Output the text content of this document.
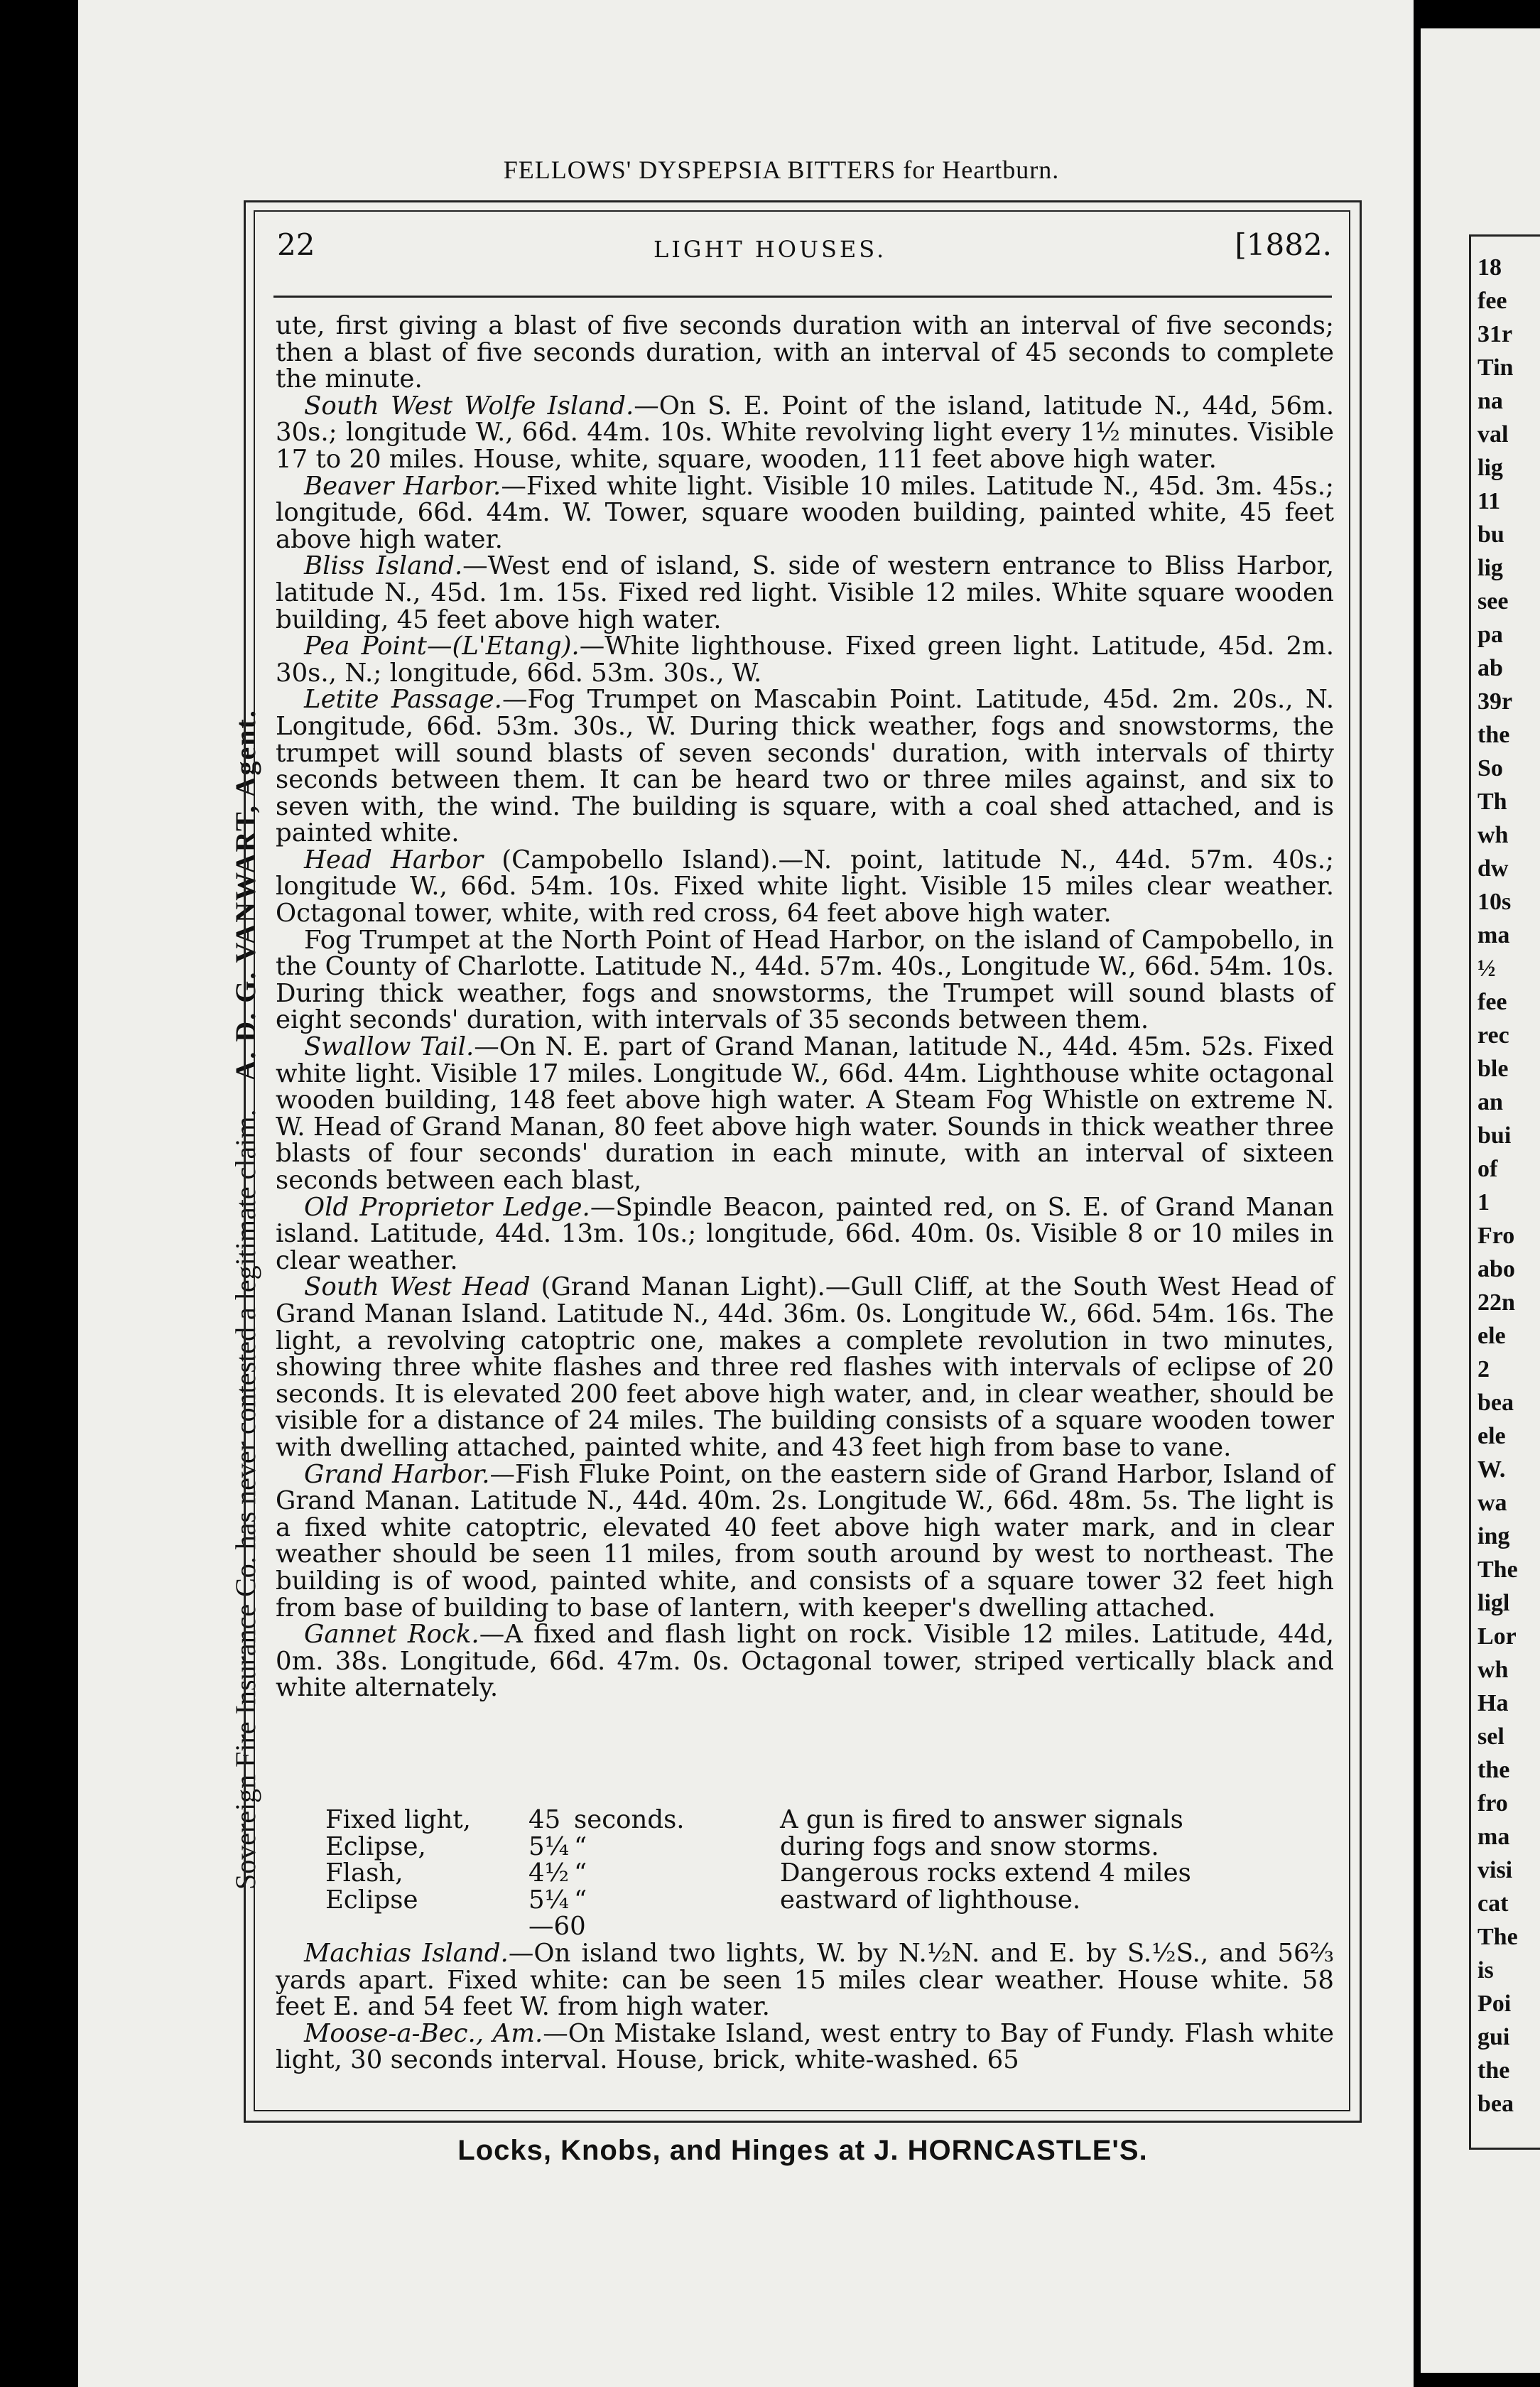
18
fee
31r
Tin
na
val
lig
11
bu
lig
see
pa
ab
39r
the
So
Th
wh
dw
10s
ma
½
fee
rec
ble
an
bui
of
1
Fro
abo
22n
ele
2
bea
ele
W.
wa
ing
The
ligl
Lor
wh
Ha
sel
the
fro
ma
visi
cat
The
is
Poi
gui
the
bea
FELLOWS' DYSPEPSIA BITTERS for Heartburn.
Sovereign Fire Insurance Co. has never contested a legitimate claim.    A. D. G. VANWART, Agent.
22	LIGHT HOUSES.	[1882.

ute, first giving a blast of five seconds duration with an interval of five seconds; then a blast of five seconds duration, with an interval of 45 seconds to complete the minute.

South West Wolfe Island.—On S. E. Point of the island, latitude N., 44d, 56m. 30s.; longitude W., 66d. 44m. 10s. White revolving light every 1½ minutes. Visible 17 to 20 miles. House, white, square, wooden, 111 feet above high water.

Beaver Harbor.—Fixed white light. Visible 10 miles. Latitude N., 45d. 3m. 45s.; longitude, 66d. 44m. W. Tower, square wooden building, painted white, 45 feet above high water.

Bliss Island.—West end of island, S. side of western entrance to Bliss Harbor, latitude N., 45d. 1m. 15s. Fixed red light. Visible 12 miles. White square wooden building, 45 feet above high water.

Pea Point—(L'Etang).—White lighthouse. Fixed green light. Latitude, 45d. 2m. 30s., N.; longitude, 66d. 53m. 30s., W.

Letite Passage.—Fog Trumpet on Mascabin Point. Latitude, 45d. 2m. 20s., N. Longitude, 66d. 53m. 30s., W. During thick weather, fogs and snowstorms, the trumpet will sound blasts of seven seconds' duration, with intervals of thirty seconds between them. It can be heard two or three miles against, and six to seven with, the wind. The building is square, with a coal shed attached, and is painted white.

Head Harbor (Campobello Island).—N. point, latitude N., 44d. 57m. 40s.; longitude W., 66d. 54m. 10s. Fixed white light. Visible 15 miles clear weather. Octagonal tower, white, with red cross, 64 feet above high water.

Fog Trumpet at the North Point of Head Harbor, on the island of Campobello, in the County of Charlotte. Latitude N., 44d. 57m. 40s., Longitude W., 66d. 54m. 10s. During thick weather, fogs and snowstorms, the Trumpet will sound blasts of eight seconds' duration, with intervals of 35 seconds between them.

Swallow Tail.—On N. E. part of Grand Manan, latitude N., 44d. 45m. 52s. Fixed white light. Visible 17 miles. Longitude W., 66d. 44m. Lighthouse white octagonal wooden building, 148 feet above high water. A Steam Fog Whistle on extreme N. W. Head of Grand Manan, 80 feet above high water. Sounds in thick weather three blasts of four seconds' duration in each minute, with an interval of sixteen seconds between each blast,

Old Proprietor Ledge.—Spindle Beacon, painted red, on S. E. of Grand Manan island. Latitude, 44d. 13m. 10s.; longitude, 66d. 40m. 0s. Visible 8 or 10 miles in clear weather.

South West Head (Grand Manan Light).—Gull Cliff, at the South West Head of Grand Manan Island. Latitude N., 44d. 36m. 0s. Longitude W., 66d. 54m. 16s. The light, a revolving catoptric one, makes a complete revolution in two minutes, showing three white flashes and three red flashes with intervals of eclipse of 20 seconds. It is elevated 200 feet above high water, and, in clear weather, should be visible for a distance of 24 miles. The building consists of a square wooden tower with dwelling attached, painted white, and 43 feet high from base to vane.

Grand Harbor.—Fish Fluke Point, on the eastern side of Grand Harbor, Island of Grand Manan. Latitude N., 44d. 40m. 2s. Longitude W., 66d. 48m. 5s. The light is a fixed white catoptric, elevated 40 feet above high water mark, and in clear weather should be seen 11 miles, from south around by west to northeast. The building is of wood, painted white, and consists of a square tower 32 feet high from base of building to base of lantern, with keeper's dwelling attached.

Gannet Rock.—A fixed and flash light on rock. Visible 12 miles. Latitude, 44d, 0m. 38s. Longitude, 66d. 47m. 0s. Octagonal tower, striped vertically black and white alternately.

Fixed light, 45 seconds.	A gun is fired to answer signals
Eclipse,	5¼ “	during fogs and snow storms.
Flash,	4½ “	Dangerous rocks extend 4 miles
Eclipse	5¼ “	eastward of lighthouse.
—60

Machias Island.—On island two lights, W. by N.½N. and E. by S.½S., and 56⅔ yards apart. Fixed white: can be seen 15 miles clear weather. House white. 58 feet E. and 54 feet W. from high water.

Moose-a-Bec., Am.—On Mistake Island, west entry to Bay of Fundy. Flash white light, 30 seconds interval. House, brick, white-washed. 65

Locks, Knobs, and Hinges at J. HORNCASTLE'S.
